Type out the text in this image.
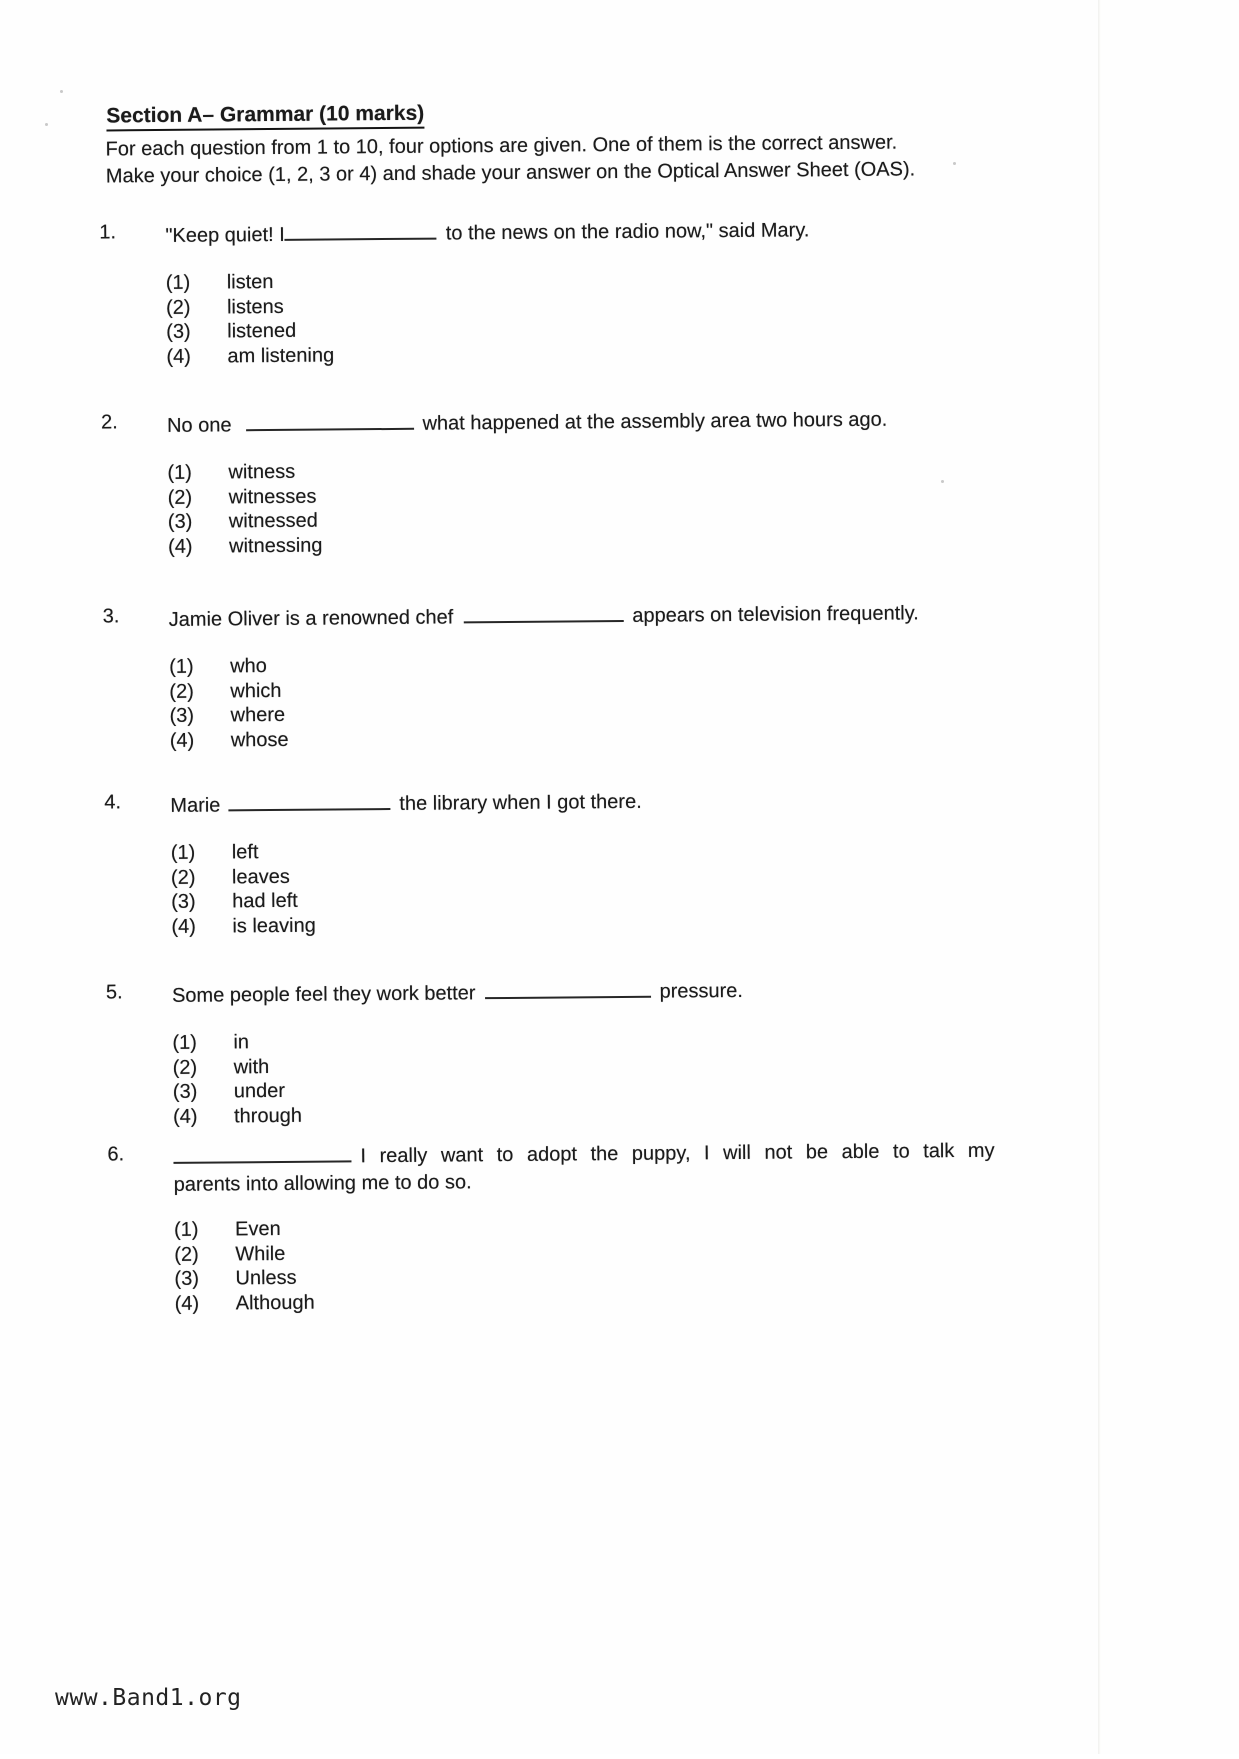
Section A– Grammar (10 marks)
For each question from 1 to 10, four options are given. One of them is the correct answer.
Make your choice (1, 2, 3 or 4) and shade your answer on the Optical Answer Sheet (OAS).
1.	"Keep quiet! I	to the news on the radio now," said Mary.
(1) listen
(2) listens
(3) listened
(4) am listening
2.	No one	what happened at the assembly area two hours ago.
(1) witness
(2) witnesses
(3) witnessed
(4) witnessing
3.	Jamie Oliver is a renowned chef	appears on television frequently.
(1) who
(2) which
(3) where
(4) whose
4.	Marie	the library when I got there.
(1) left
(2) leaves
(3) had left
(4) is leaving
5.	Some people feel they work better	pressure.
(1) in
(2) with
(3) under
(4) through
6.	I really want to adopt the puppy, I will not be able to talk my
parents into allowing me to do so.
(1) Even
(2) While
(3) Unless
(4) Although
www.Band1.org
